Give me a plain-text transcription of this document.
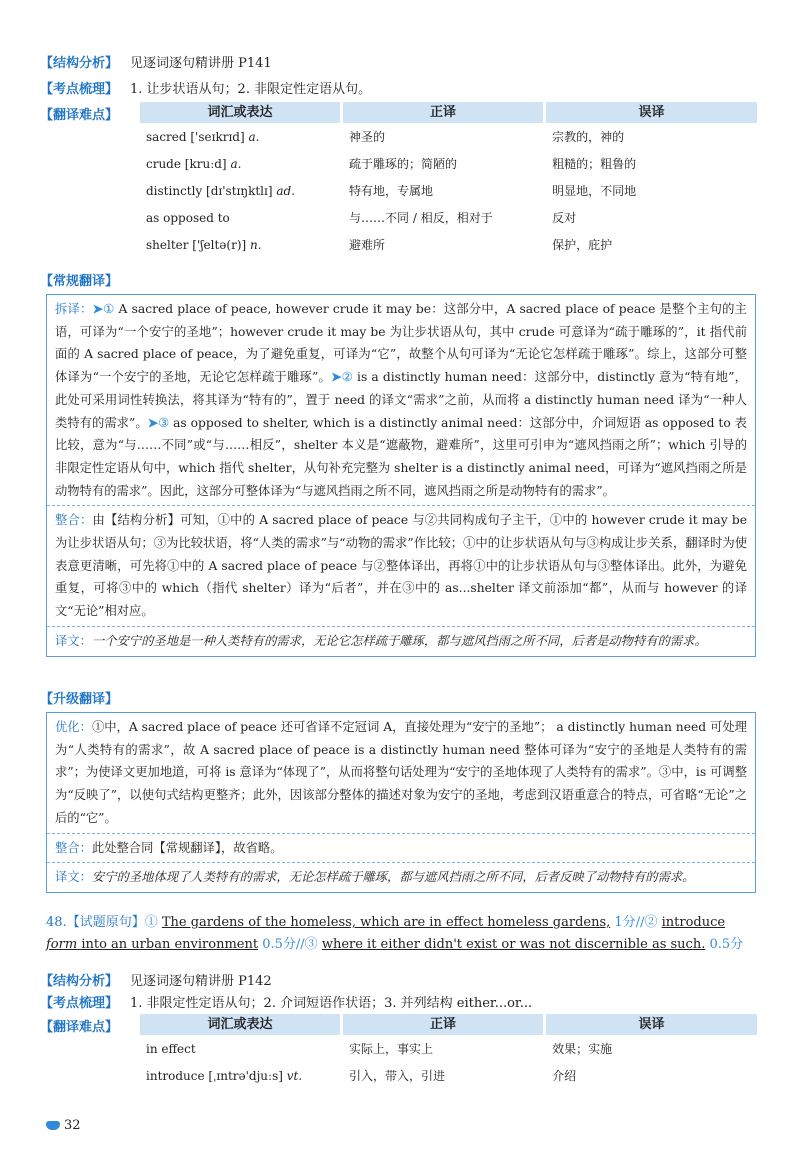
【结构分析】 见逐词逐句精讲册 P141
【考点梳理】 1. 让步状语从句；2. 非限定性定语从句。
【翻译难点】	词汇或表达	正译	误译
sacred ['seɪkrɪd] a.	神圣的	宗教的，神的
crude [kruːd] a.	疏于雕琢的；简陋的	粗糙的；粗鲁的
distinctly [dɪ'stɪŋktlɪ] ad.	特有地，专属地	明显地，不同地
as opposed to	与……不同 / 相反，相对于	反对
shelter ['ʃeltə(r)] n.	避难所	保护，庇护
【常规翻译】
拆译：➤① A sacred place of peace, however crude it may be：这部分中，A sacred place of peace 是整个主句的主语，可译为“一个安宁的圣地”；however crude it may be 为让步状语从句，其中 crude 可意译为“疏于雕琢的”，it 指代前面的 A sacred place of peace，为了避免重复，可译为“它”，故整个从句可译为“无论它怎样疏于雕琢”。综上，这部分可整体译为“一个安宁的圣地，无论它怎样疏于雕琢”。➤② is a distinctly human need：这部分中，distinctly 意为“特有地”，此处可采用词性转换法，将其译为“特有的”，置于 need 的译文“需求”之前，从而将 a distinctly human need 译为“一种人类特有的需求”。➤③ as opposed to shelter, which is a distinctly animal need：这部分中，介词短语 as opposed to 表比较，意为“与……不同”或“与……相反”，shelter 本义是“遮蔽物，避难所”，这里可引申为“遮风挡雨之所”；which 引导的非限定性定语从句中，which 指代 shelter，从句补充完整为 shelter is a distinctly animal need，可译为“遮风挡雨之所是动物特有的需求”。因此，这部分可整体译为“与遮风挡雨之所不同，遮风挡雨之所是动物特有的需求”。
整合：由【结构分析】可知，①中的 A sacred place of peace 与②共同构成句子主干，①中的 however crude it may be 为让步状语从句；③为比较状语，将“人类的需求”与“动物的需求”作比较；①中的让步状语从句与③构成让步关系，翻译时为使表意更清晰，可先将①中的 A sacred place of peace 与②整体译出，再将①中的让步状语从句与③整体译出。此外，为避免重复，可将③中的 which（指代 shelter）译为“后者”，并在③中的 as...shelter 译文前添加“都”，从而与 however 的译文“无论”相对应。
译文：一个安宁的圣地是一种人类特有的需求，无论它怎样疏于雕琢，都与遮风挡雨之所不同，后者是动物特有的需求。
【升级翻译】
优化：①中，A sacred place of peace 还可省译不定冠词 A，直接处理为“安宁的圣地”； a distinctly human need 可处理为“人类特有的需求”，故 A sacred place of peace is a distinctly human need 整体可译为“安宁的圣地是人类特有的需求”；为使译文更加地道，可将 is 意译为“体现了”，从而将整句话处理为“安宁的圣地体现了人类特有的需求”。③中，is 可调整为“反映了”，以使句式结构更整齐；此外，因该部分整体的描述对象为安宁的圣地，考虑到汉语重意合的特点，可省略“无论”之后的“它”。
整合：此处整合同【常规翻译】，故省略。
译文：安宁的圣地体现了人类特有的需求，无论怎样疏于雕琢，都与遮风挡雨之所不同，后者反映了动物特有的需求。
48.【试题原句】① The gardens of the homeless, which are in effect homeless gardens, 1分//② introduce form into an urban environment 0.5分//③ where it either didn't exist or was not discernible as such. 0.5分
【结构分析】 见逐词逐句精讲册 P142
【考点梳理】 1. 非限定性定语从句；2. 介词短语作状语；3. 并列结构 either...or...
【翻译难点】	词汇或表达	正译	误译
in effect	实际上，事实上	效果；实施
introduce [ˌɪntrə'djuːs] vt.	引入，带入，引进	介绍
32
